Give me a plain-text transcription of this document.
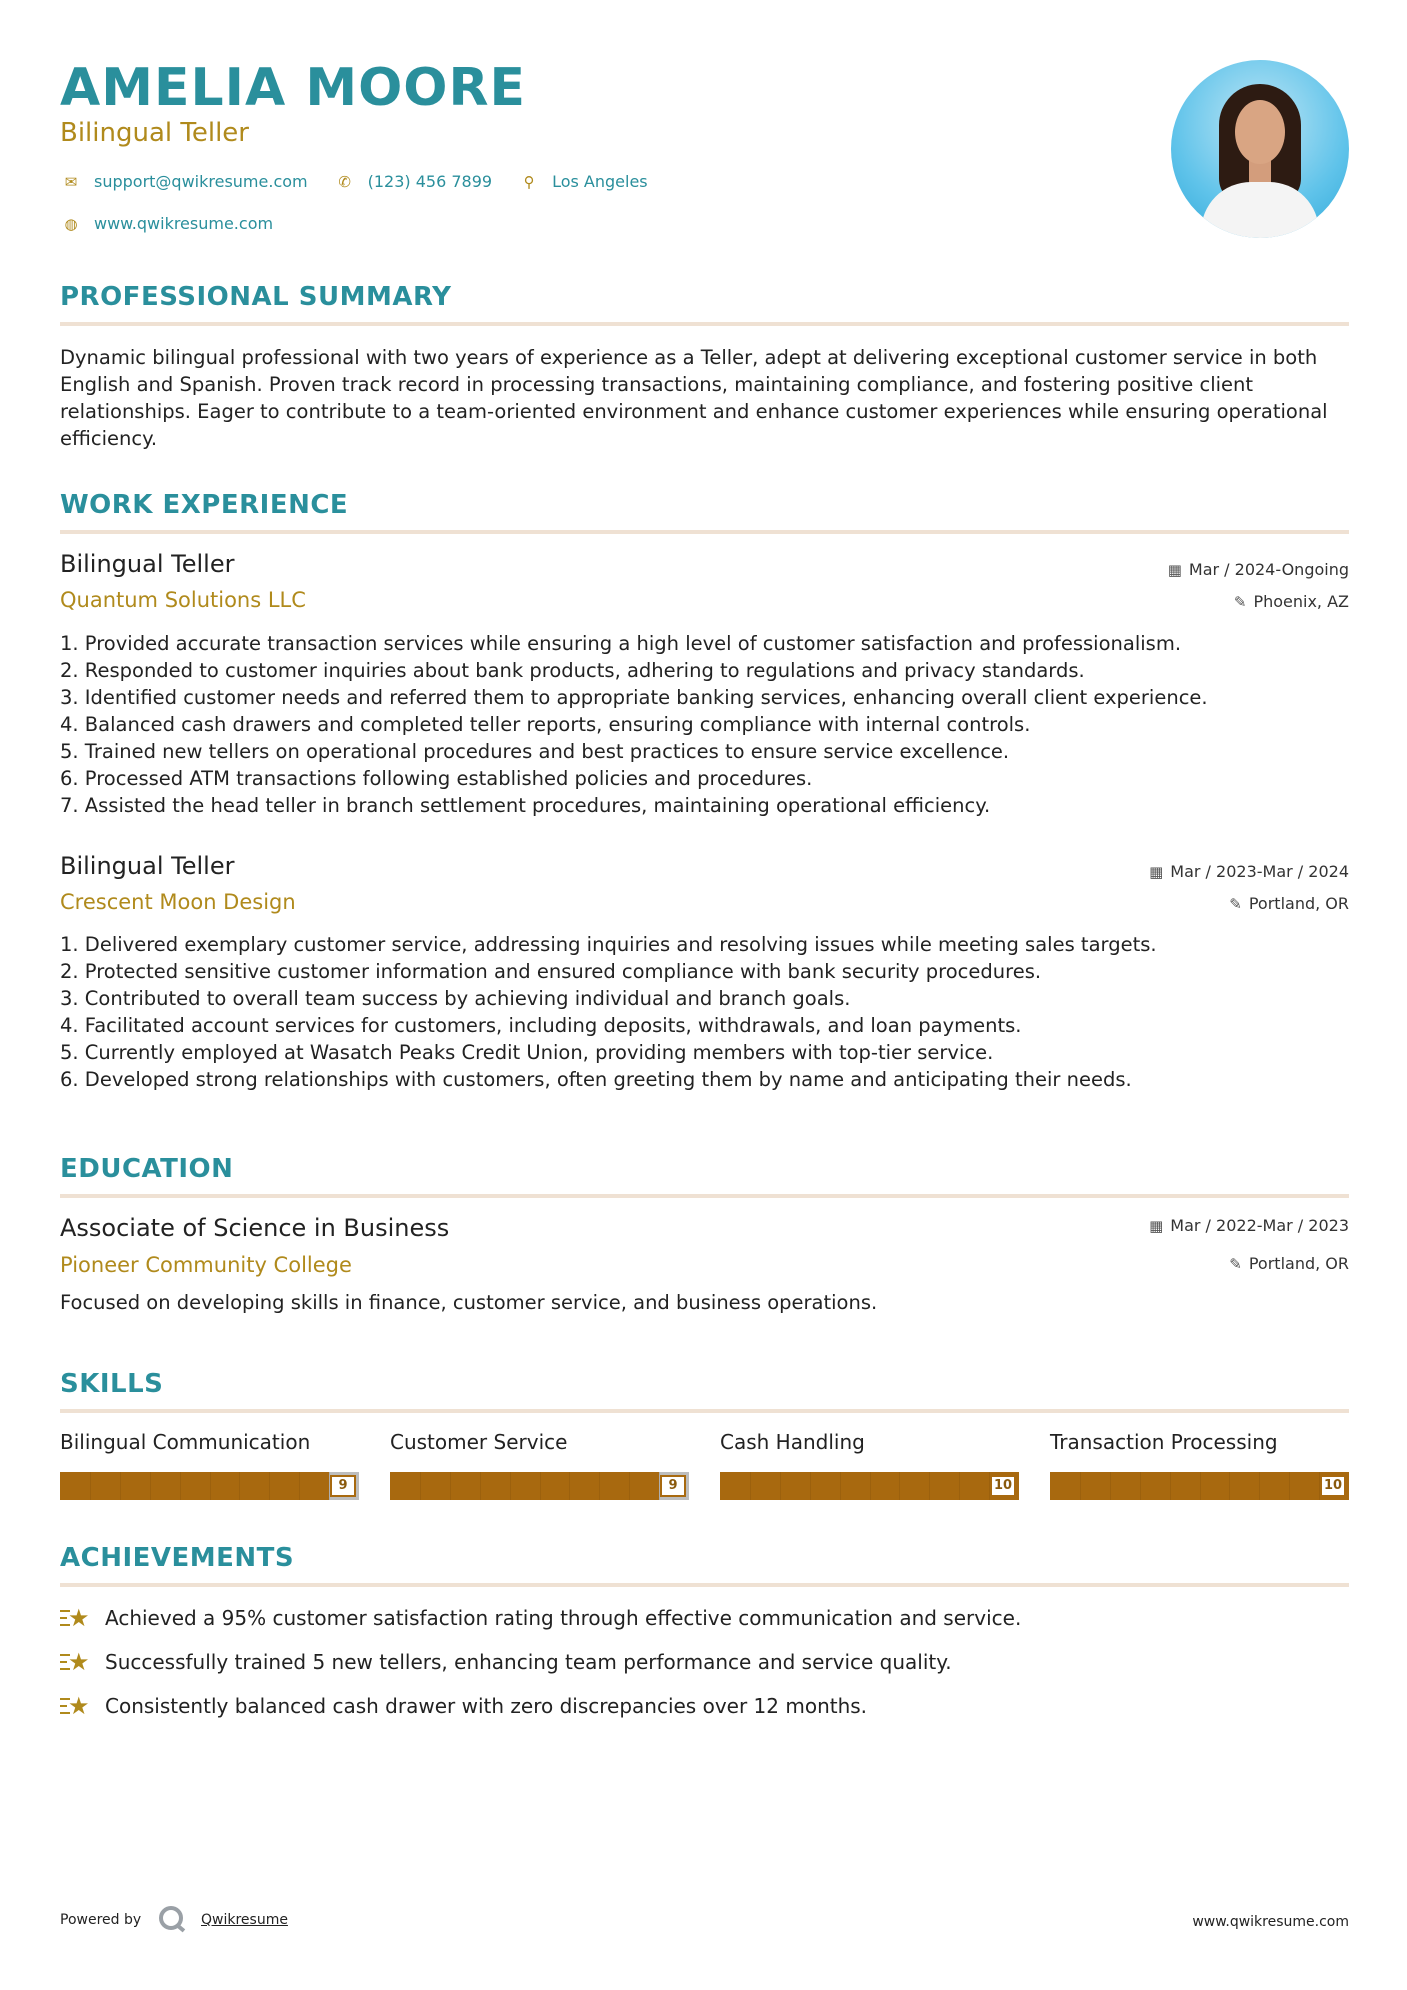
AMELIA MOORE
Bilingual Teller
✉ support@qwikresume.com	✆ (123) 456 7899	⚲	Los Angeles
◍ www.qwikresume.com
PROFESSIONAL SUMMARY
Dynamic bilingual professional with two years of experience as a Teller, adept at delivering exceptional customer service in both English and Spanish. Proven track record in processing transactions, maintaining compliance, and fostering positive client relationships. Eager to contribute to a team-oriented environment and enhance customer experiences while ensuring operational efficiency.
WORK EXPERIENCE
Bilingual Teller	▦ Mar / 2024-Ongoing
Quantum Solutions LLC	✎ Phoenix, AZ
1. Provided accurate transaction services while ensuring a high level of customer satisfaction and professionalism.
2. Responded to customer inquiries about bank products, adhering to regulations and privacy standards.
3. Identified customer needs and referred them to appropriate banking services, enhancing overall client experience.
4. Balanced cash drawers and completed teller reports, ensuring compliance with internal controls.
5. Trained new tellers on operational procedures and best practices to ensure service excellence.
6. Processed ATM transactions following established policies and procedures.
7. Assisted the head teller in branch settlement procedures, maintaining operational efficiency.
Bilingual Teller	▦ Mar / 2023-Mar / 2024
Crescent Moon Design	✎ Portland, OR
1. Delivered exemplary customer service, addressing inquiries and resolving issues while meeting sales targets.
2. Protected sensitive customer information and ensured compliance with bank security procedures.
3. Contributed to overall team success by achieving individual and branch goals.
4. Facilitated account services for customers, including deposits, withdrawals, and loan payments.
5. Currently employed at Wasatch Peaks Credit Union, providing members with top-tier service.
6. Developed strong relationships with customers, often greeting them by name and anticipating their needs.
EDUCATION
Associate of Science in Business	▦ Mar / 2022-Mar / 2023
Pioneer Community College	✎ Portland, OR
Focused on developing skills in finance, customer service, and business operations.
SKILLS
Bilingual Communication
9
Customer Service
9
Cash Handling
10
Transaction Processing
10
ACHIEVEMENTS
★ Achieved a 95% customer satisfaction rating through effective communication and service.
★ Successfully trained 5 new tellers, enhancing team performance and service quality.
★ Consistently balanced cash drawer with zero discrepancies over 12 months.
Powered by	Qwikresume	www.qwikresume.com
